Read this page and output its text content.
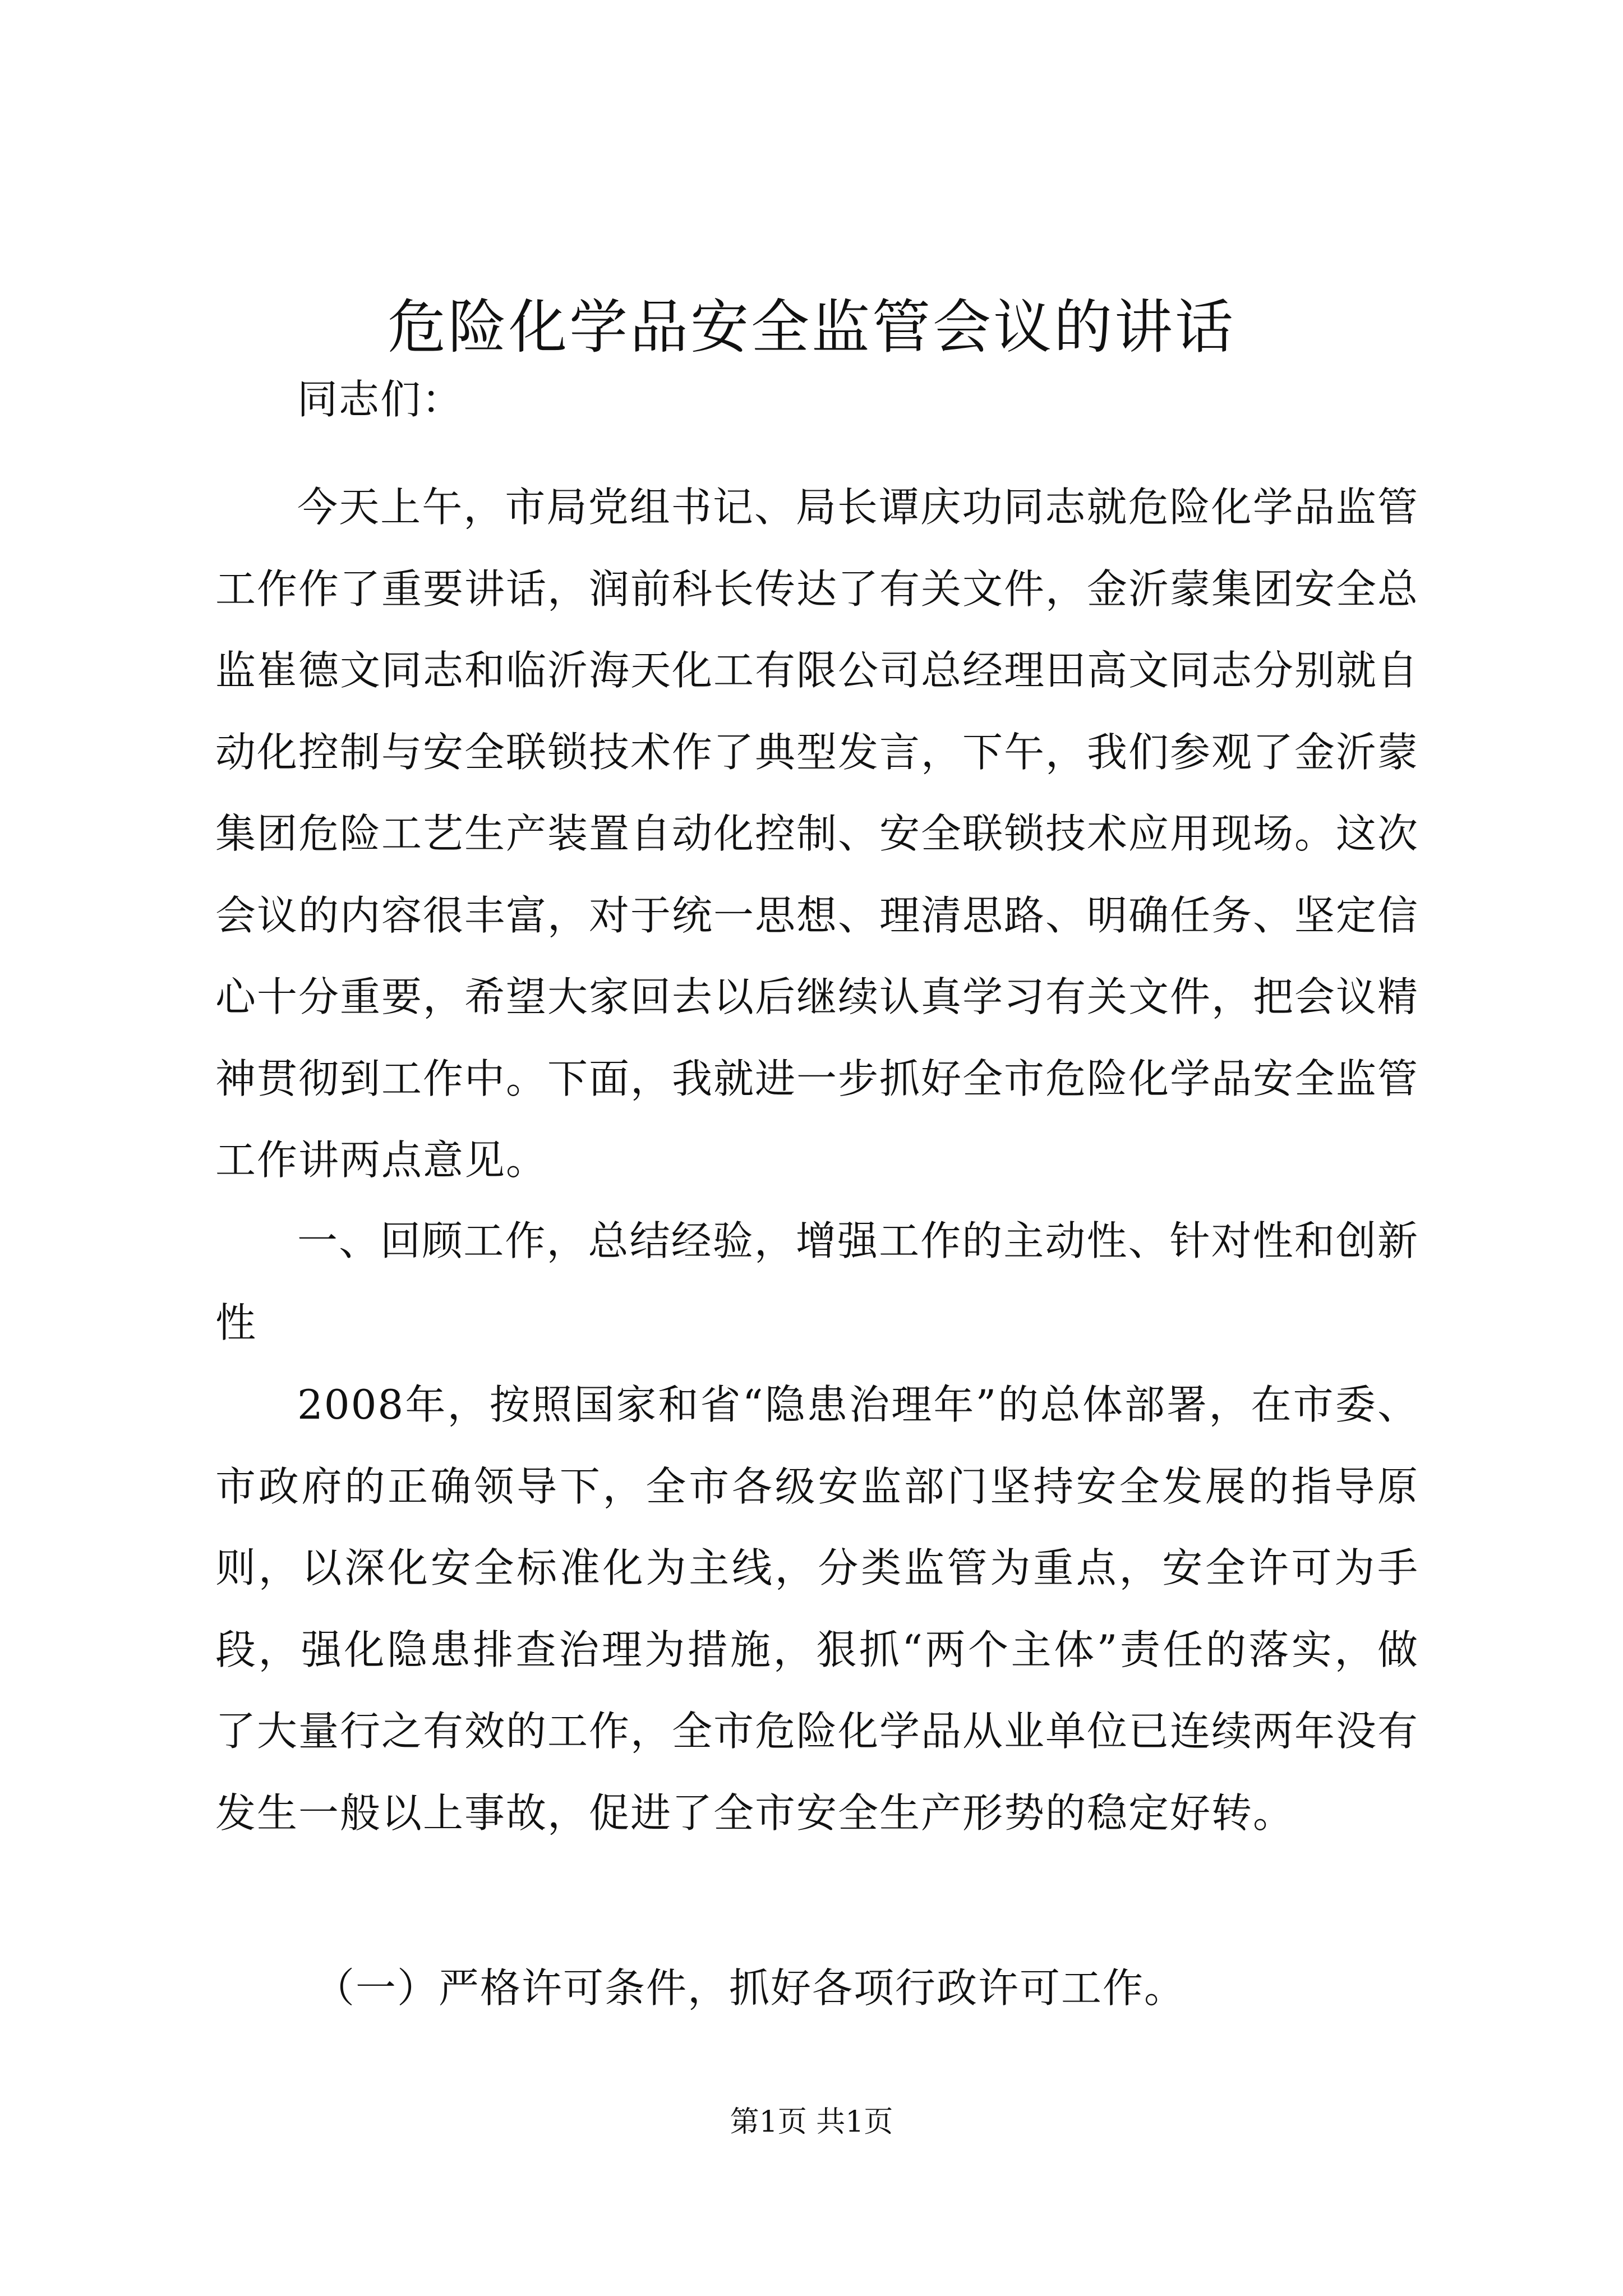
危险化学品安全监管会议的讲话

同志们：

今天上午，市局党组书记、局长谭庆功同志就危险化学品监管工作作了重要讲话，润前科长传达了有关文件，金沂蒙集团安全总监崔德文同志和临沂海天化工有限公司总经理田高文同志分别就自动化控制与安全联锁技术作了典型发言，下午，我们参观了金沂蒙集团危险工艺生产装置自动化控制、安全联锁技术应用现场。这次会议的内容很丰富，对于统一思想、理清思路、明确任务、坚定信心十分重要，希望大家回去以后继续认真学习有关文件，把会议精神贯彻到工作中。下面，我就进一步抓好全市危险化学品安全监管工作讲两点意见。

一、回顾工作，总结经验，增强工作的主动性、针对性和创新性

2008年，按照国家和省“隐患治理年”的总体部署，在市委、市政府的正确领导下，全市各级安监部门坚持安全发展的指导原则，以深化安全标准化为主线，分类监管为重点，安全许可为手段，强化隐患排查治理为措施，狠抓“两个主体”责任的落实，做了大量行之有效的工作，全市危险化学品从业单位已连续两年没有发生一般以上事故，促进了全市安全生产形势的稳定好转。

（一）严格许可条件，抓好各项行政许可工作。

第1页 共1页
